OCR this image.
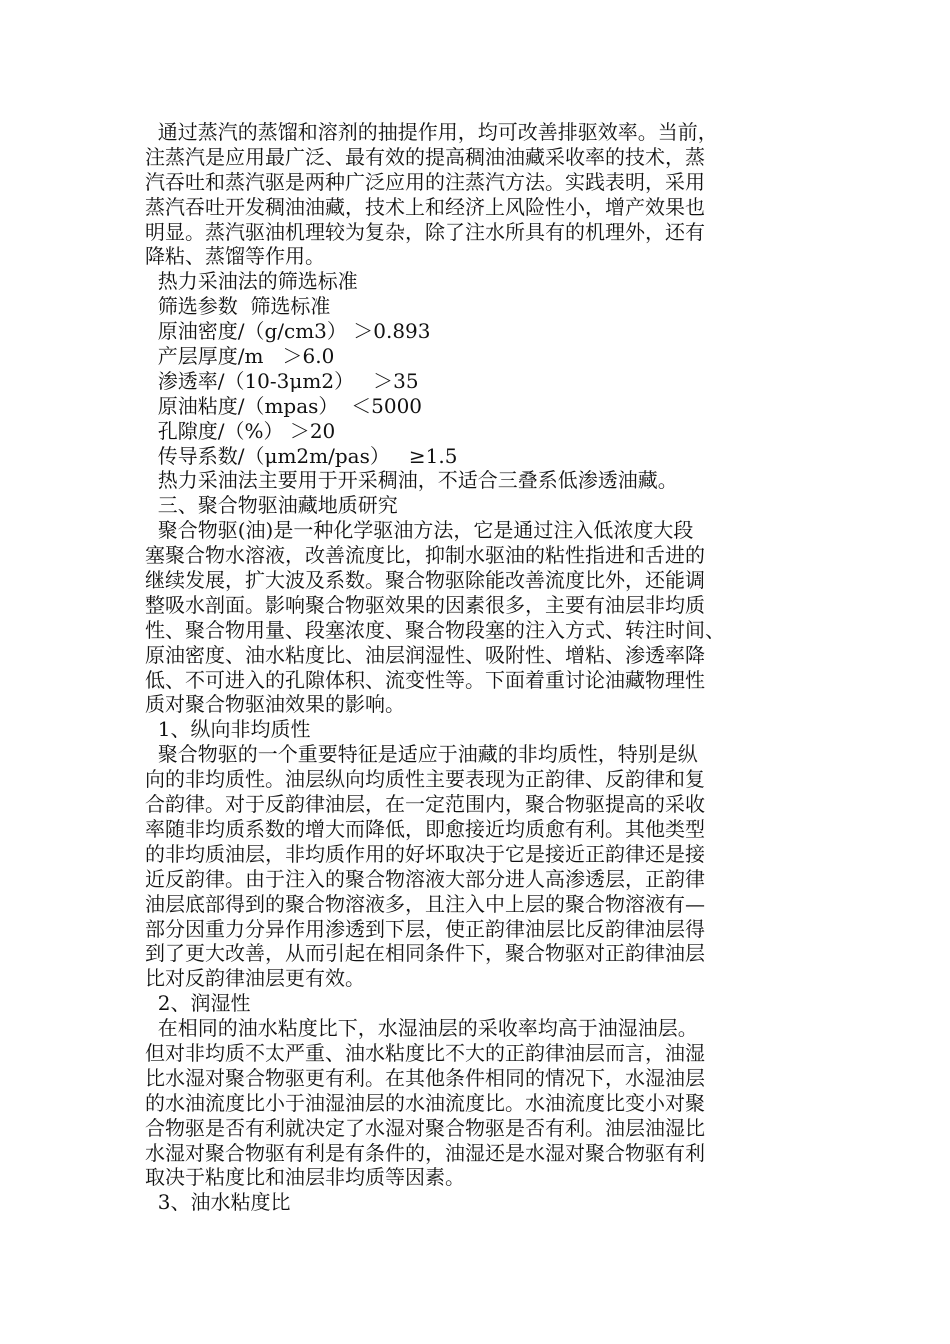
通过蒸汽的蒸馏和溶剂的抽提作用，均可改善排驱效率。当前，
注蒸汽是应用最广泛、最有效的提高稠油油藏采收率的技术，蒸
汽吞吐和蒸汽驱是两种广泛应用的注蒸汽方法。实践表明，采用
蒸汽吞吐开发稠油油藏，技术上和经济上风险性小，增产效果也
明显。蒸汽驱油机理较为复杂，除了注水所具有的机理外，还有
降粘、蒸馏等作用。
热力采油法的筛选标准
筛选参数  筛选标准
原油密度/（g/cm3） ＞0.893
产层厚度/m   ＞6.0
渗透率/（10-3μm2）   ＞35
原油粘度/（mpas）  ＜5000
孔隙度/（%） ＞20
传导系数/（μm2m/pas）   ≥1.5
热力采油法主要用于开采稠油，不适合三叠系低渗透油藏。
三、聚合物驱油藏地质研究
聚合物驱(油)是一种化学驱油方法，它是通过注入低浓度大段
塞聚合物水溶液，改善流度比，抑制水驱油的粘性指进和舌进的
继续发展，扩大波及系数。聚合物驱除能改善流度比外，还能调
整吸水剖面。影响聚合物驱效果的因素很多，主要有油层非均质
性、聚合物用量、段塞浓度、聚合物段塞的注入方式、转注时间、
原油密度、油水粘度比、油层润湿性、吸附性、增粘、渗透率降
低、不可进入的孔隙体积、流变性等。下面着重讨论油藏物理性
质对聚合物驱油效果的影响。
1、纵向非均质性
聚合物驱的一个重要特征是适应于油藏的非均质性，特别是纵
向的非均质性。油层纵向均质性主要表现为正韵律、反韵律和复
合韵律。对于反韵律油层，在一定范围内，聚合物驱提高的采收
率随非均质系数的增大而降低，即愈接近均质愈有利。其他类型
的非均质油层，非均质作用的好坏取决于它是接近正韵律还是接
近反韵律。由于注入的聚合物溶液大部分进人高渗透层，正韵律
油层底部得到的聚合物溶液多，且注入中上层的聚合物溶液有—
部分因重力分异作用渗透到下层，使正韵律油层比反韵律油层得
到了更大改善，从而引起在相同条件下，聚合物驱对正韵律油层
比对反韵律油层更有效。
2、润湿性
在相同的油水粘度比下，水湿油层的采收率均高于油湿油层。
但对非均质不太严重、油水粘度比不大的正韵律油层而言，油湿
比水湿对聚合物驱更有利。在其他条件相同的情况下，水湿油层
的水油流度比小于油湿油层的水油流度比。水油流度比变小对聚
合物驱是否有利就决定了水湿对聚合物驱是否有利。油层油湿比
水湿对聚合物驱有利是有条件的，油湿还是水湿对聚合物驱有利
取决于粘度比和油层非均质等因素。
3、油水粘度比
